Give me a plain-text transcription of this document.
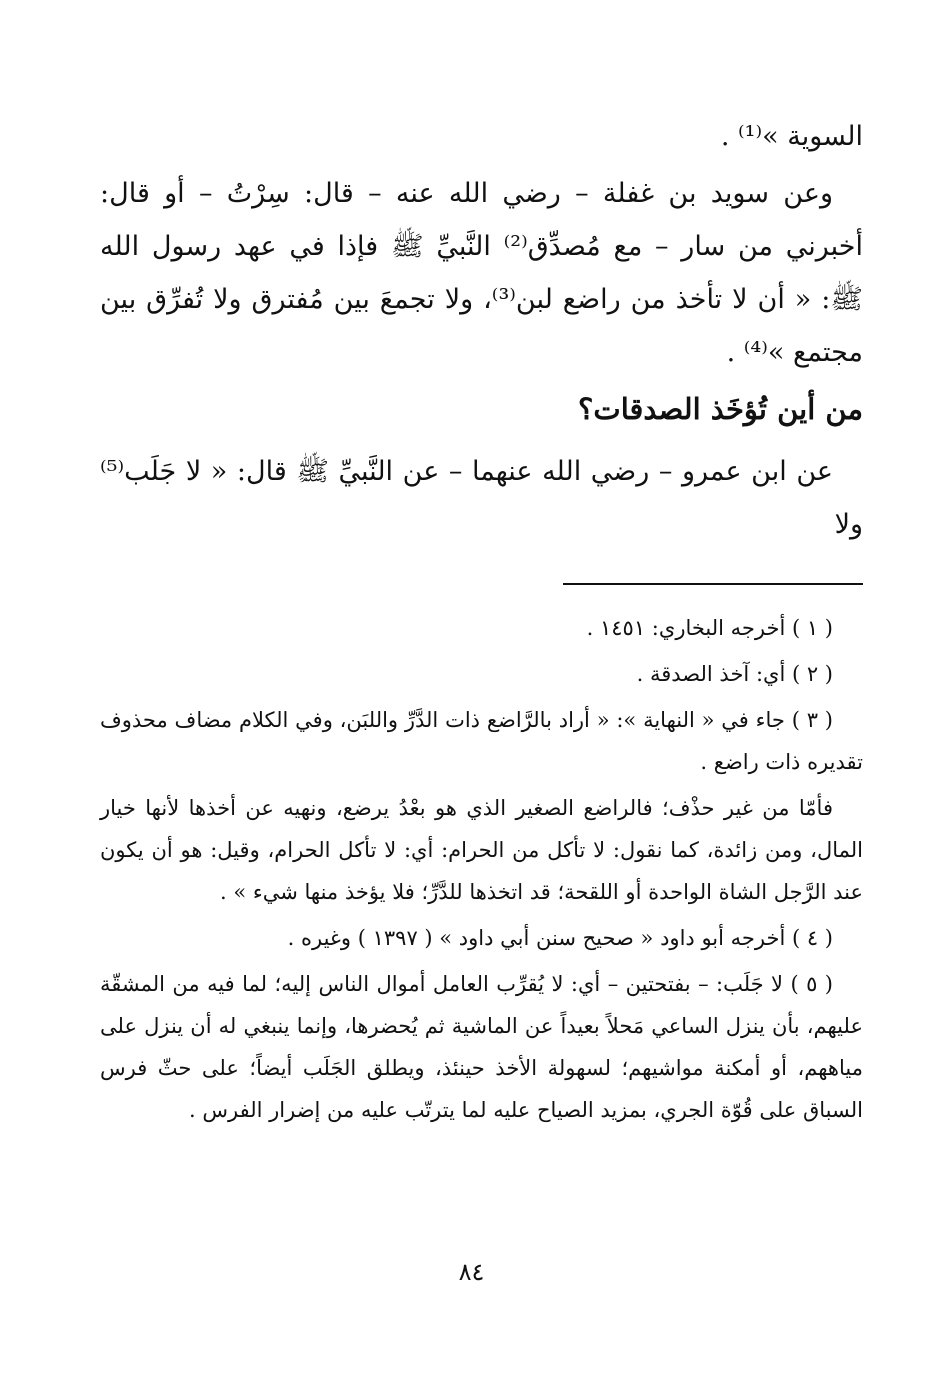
السوية »⁽¹⁾ .

وعن سويد بن غفلة – رضي الله عنه – قال: سِرْتُ – أو قال: أخبرني من سار – مع مُصدِّق⁽²⁾ النَّبيِّ ﷺ فإذا في عهد رسول الله ﷺ: « أن لا تأخذ من راضع لبن⁽³⁾، ولا تجمعَ بين مُفترق ولا تُفرِّق بين مجتمع »⁽⁴⁾ .

من أين تُؤخَذ الصدقات؟

عن ابن عمرو – رضي الله عنهما – عن النَّبيِّ ﷺ قال: « لا جَلَب⁽⁵⁾ ولا

( ١ ) أخرجه البخاري: ١٤٥١ .

( ٢ ) أي: آخذ الصدقة .

( ٣ ) جاء في « النهاية »: « أراد بالرَّاضع ذات الدَّرِّ واللبَن، وفي الكلام مضاف محذوف تقديره ذات راضع .

فأمّا من غير حذْف؛ فالراضع الصغير الذي هو بعْدُ يرضع، ونهيه عن أخذها لأنها خيار المال، ومن زائدة، كما نقول: لا تأكل من الحرام: أي: لا تأكل الحرام، وقيل: هو أن يكون عند الرَّجل الشاة الواحدة أو اللقحة؛ قد اتخذها للدَّرِّ؛ فلا يؤخذ منها شيء » .

( ٤ ) أخرجه أبو داود « صحيح سنن أبي داود » ( ١٣٩٧ ) وغيره .

( ٥ ) لا جَلَب: – بفتحتين – أي: لا يُقرِّب العامل أموال الناس إليه؛ لما فيه من المشقّة عليهم، بأن ينزل الساعي مَحلاً بعيداً عن الماشية ثم يُحضرها، وإنما ينبغي له أن ينزل على مياههم، أو أمكنة مواشيهم؛ لسهولة الأخذ حينئذ، ويطلق الجَلَب أيضاً؛ على حثّ فرس السباق على قُوّة الجري، بمزيد الصياح عليه لما يترتّب عليه من إضرار الفرس .

٨٤
